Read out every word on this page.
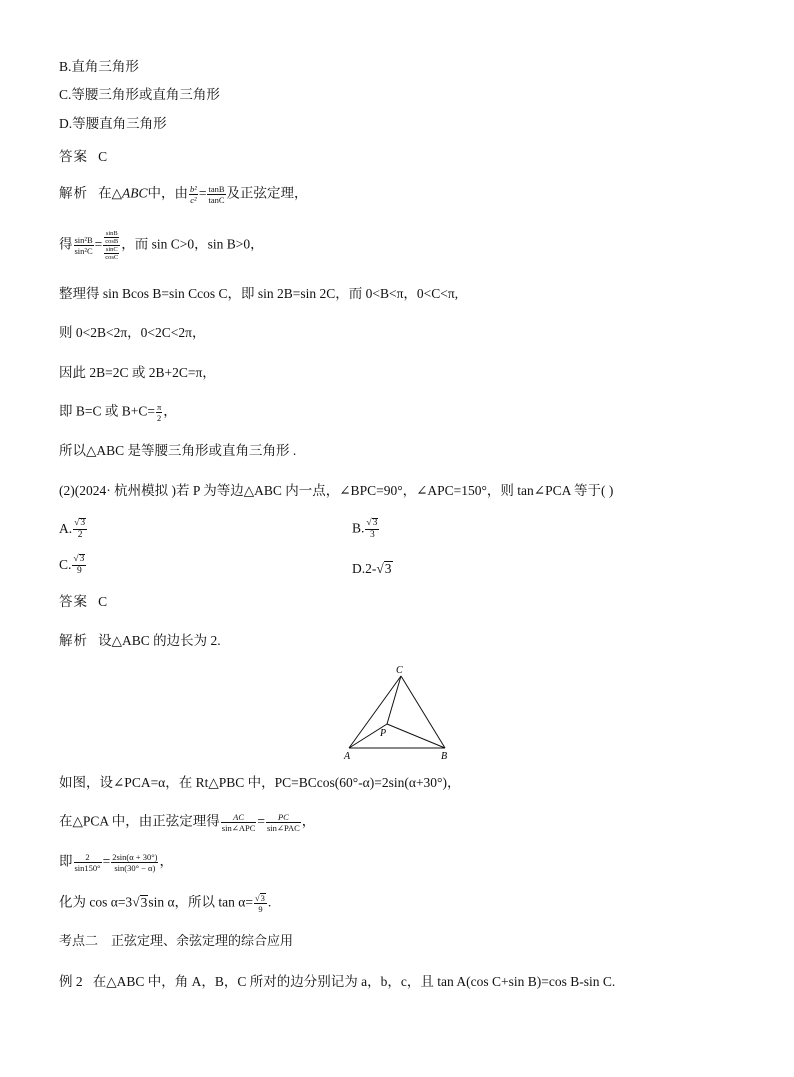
B.直角三角形
C.等腰三角形或直角三角形
D.等腰直角三角形
答案 C
解析 在△ABC中，由 $\frac{\text{b²}}{\text{c²}} = \frac{\tan B}{\tan C}$ 及正弦定理，
得 $\frac{\text{sin²B}}{\text{sin²C}} = \frac{\frac{\sin B}{\cos B}}{\frac{\sin C}{\cos C}}$ ，而 sin C>0，sin B>0，
整理得 sin Bcos B=sin Ccos C，即 sin 2B=sin 2C，而 0<B<π，0<C<π,
则 0<2B<2π，0<2C<2π，
因此 2B=2C 或 2B+2C=π，
即 B=C 或 $B+C= \frac{\pi}{2}$ ，
所以△ABC 是等腰三角形或直角三角形 .
(2)(2024· 杭州模拟 )若 P 为等边△ABC 内一点，∠BPC=90°，∠APC=150°，则 tan∠PCA 等于( )
A. $\frac{√3}{2}$	B. $\frac{√3}{3}$
C. $\frac{√3}{9}$	D.2-√3
答案 C
解析 设△ABC 的边长为 2.
A	B
C
P
如图，设∠PCA=α，在 Rt△PBC 中，PC=BCcos(60°-α)=2sin(α+30°)，
在△PCA 中，由正弦定理得 $\frac{AC}{\text{sin∠APC}} = \frac{PC}{\text{sin∠PAC}}$ ，
即 $\frac{2}{\sin 150^\circ} = \frac{2\sin(\alpha + 30^\circ)}{\sin(30^\circ - \alpha)}$ ，
化为 cos α=3√3sin α，所以 $\tan \alpha= \frac{√3}{9}$ .
考点二　正弦定理、余弦定理的综合应用
例 2 在△ABC 中，角 A，B，C 所对的边分别记为 a，b，c，且 tan A(cos C+sin B)=cos B-sin C.
